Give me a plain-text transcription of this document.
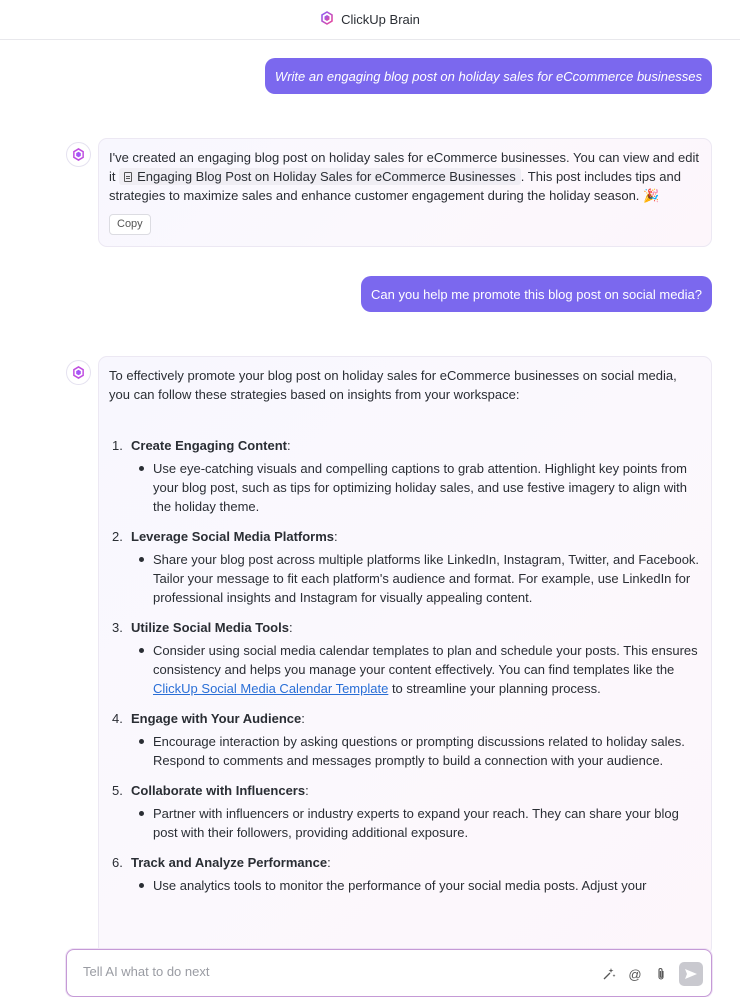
ClickUp Brain
Write an engaging blog post on holiday sales for eCcommerce businesses
I've created an engaging blog post on holiday sales for eCommerce businesses. You can view and edit it Engaging Blog Post on Holiday Sales for eCommerce Businesses . This post includes tips and strategies to maximize sales and enhance customer engagement during the holiday season. 🎉
Copy
Can you help me promote this blog post on social media?
To effectively promote your blog post on holiday sales for eCommerce businesses on social media, you can follow these strategies based on insights from your workspace:
1. Create Engaging Content:
Use eye-catching visuals and compelling captions to grab attention. Highlight key points from your blog post, such as tips for optimizing holiday sales, and use festive imagery to align with the holiday theme.
2. Leverage Social Media Platforms:
Share your blog post across multiple platforms like LinkedIn, Instagram, Twitter, and Facebook. Tailor your message to fit each platform's audience and format. For example, use LinkedIn for professional insights and Instagram for visually appealing content.
3. Utilize Social Media Tools:
Consider using social media calendar templates to plan and schedule your posts. This ensures consistency and helps you manage your content effectively. You can find templates like the ClickUp Social Media Calendar Template to streamline your planning process.
4. Engage with Your Audience:
Encourage interaction by asking questions or prompting discussions related to holiday sales. Respond to comments and messages promptly to build a connection with your audience.
5. Collaborate with Influencers:
Partner with influencers or industry experts to expand your reach. They can share your blog post with their followers, providing additional exposure.
6. Track and Analyze Performance:
Use analytics tools to monitor the performance of your social media posts. Adjust your
Tell AI what to do next	@
